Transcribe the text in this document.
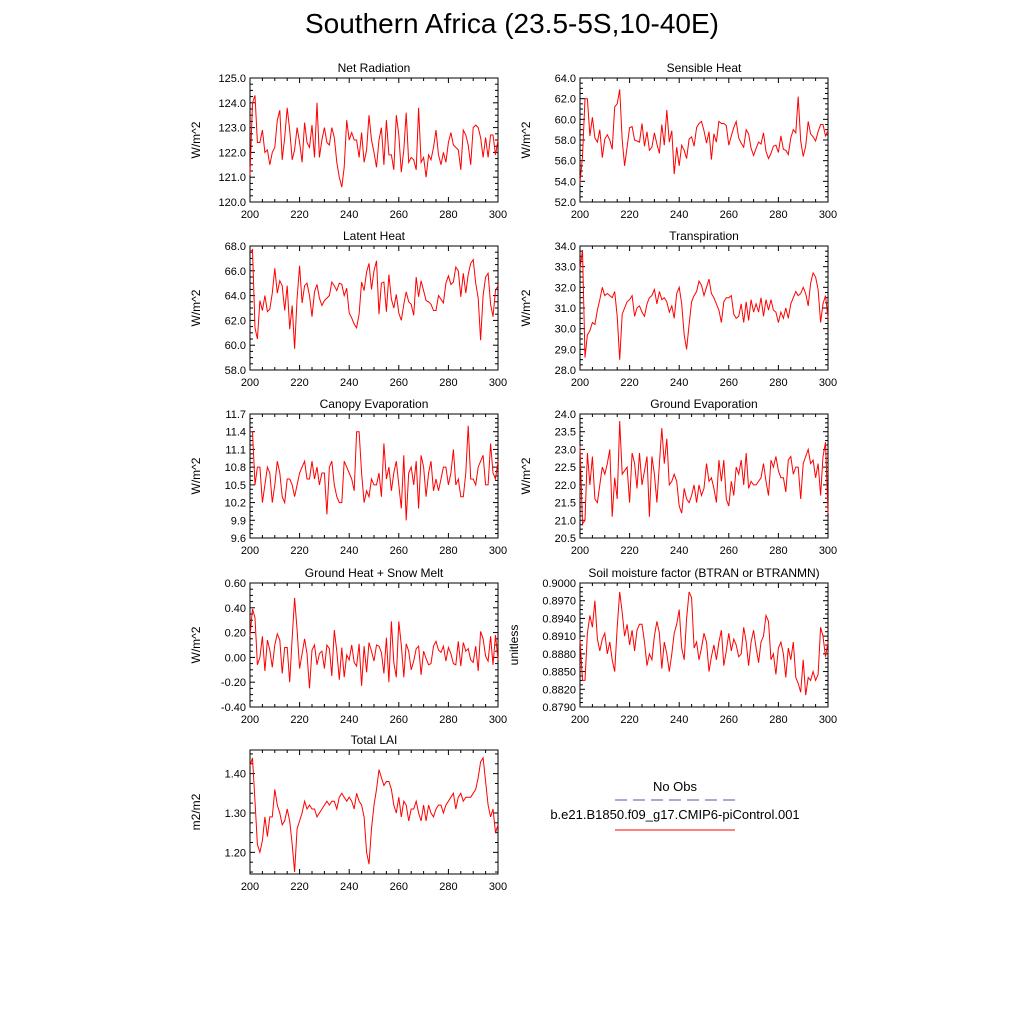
Southern Africa (23.5-5S,10-40E)
Net Radiation
200	220	240	260	280	300
120.0
121.0
122.0
123.0
124.0
125.0
W/m^2
Sensible Heat
200	220	240	260	280	300
52.0
54.0
56.0
58.0
60.0
62.0
64.0
W/m^2
Latent Heat
200	220	240	260	280	300
58.0
60.0
62.0
64.0
66.0
68.0
W/m^2
Transpiration
200	220	240	260	280	300
28.0
29.0
30.0
31.0
32.0
33.0
34.0
W/m^2
Canopy Evaporation
200	220	240	260	280	300
9.6
9.9
10.2
10.5
10.8
11.1
11.4
11.7
W/m^2
Ground Evaporation
200	220	240	260	280	300
20.5
21.0
21.5
22.0
22.5
23.0
23.5
24.0
W/m^2
Ground Heat + Snow Melt
200	220	240	260	280	300
-0.40
-0.20
0.00
0.20
0.40
0.60
W/m^2
Soil moisture factor (BTRAN or BTRANMN)
200	220	240	260	280	300
0.8790
0.8820
0.8850
0.8880
0.8910
0.8940
0.8970
0.9000
unitless
Total LAI
200	220	240	260	280	300
1.20
1.30
1.40
m2/m2
No Obs
b.e21.B1850.f09_g17.CMIP6-piControl.001
